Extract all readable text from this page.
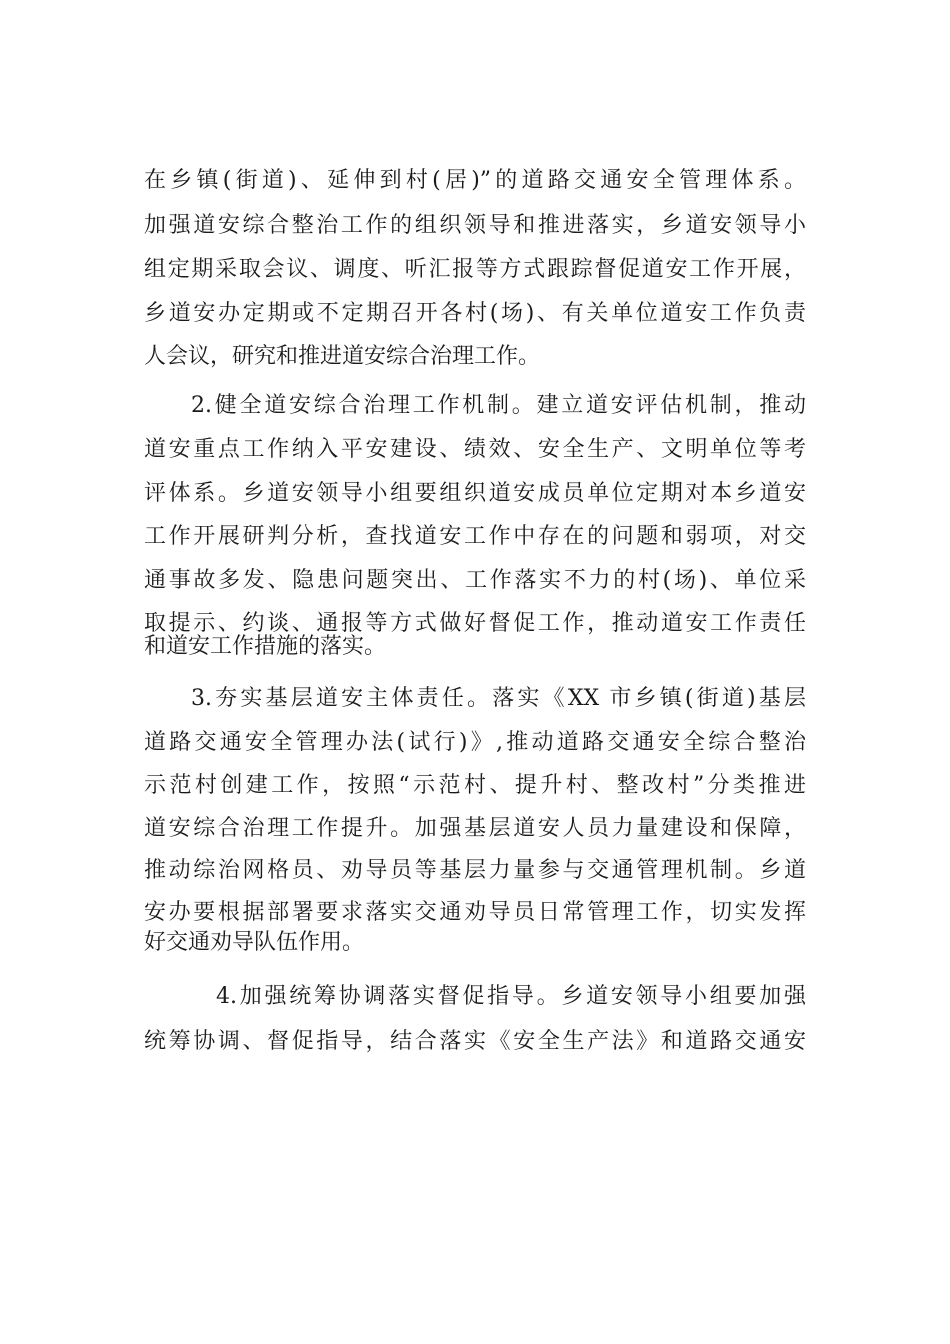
在乡镇(街道)、延伸到村(居)”的道路交通安全管理体系。
加强道安综合整治工作的组织领导和推进落实，乡道安领导小
组定期采取会议、调度、听汇报等方式跟踪督促道安工作开展，
乡道安办定期或不定期召开各村(场)、有关单位道安工作负责
人会议，研究和推进道安综合治理工作。
2.健全道安综合治理工作机制。建立道安评估机制，推动
道安重点工作纳入平安建设、绩效、安全生产、文明单位等考
评体系。乡道安领导小组要组织道安成员单位定期对本乡道安
工作开展研判分析，查找道安工作中存在的问题和弱项，对交
通事故多发、隐患问题突出、工作落实不力的村(场)、单位采
取提示、约谈、通报等方式做好督促工作，推动道安工作责任
和道安工作措施的落实。
3.夯实基层道安主体责任。落实《XX 市乡镇(街道)基层
道路交通安全管理办法(试行)》,推动道路交通安全综合整治
示范村创建工作，按照“示范村、提升村、整改村”分类推进
道安综合治理工作提升。加强基层道安人员力量建设和保障，
推动综治网格员、劝导员等基层力量参与交通管理机制。乡道
安办要根据部署要求落实交通劝导员日常管理工作，切实发挥
好交通劝导队伍作用。
4.加强统筹协调落实督促指导。乡道安领导小组要加强
统筹协调、督促指导，结合落实《安全生产法》和道路交通安
